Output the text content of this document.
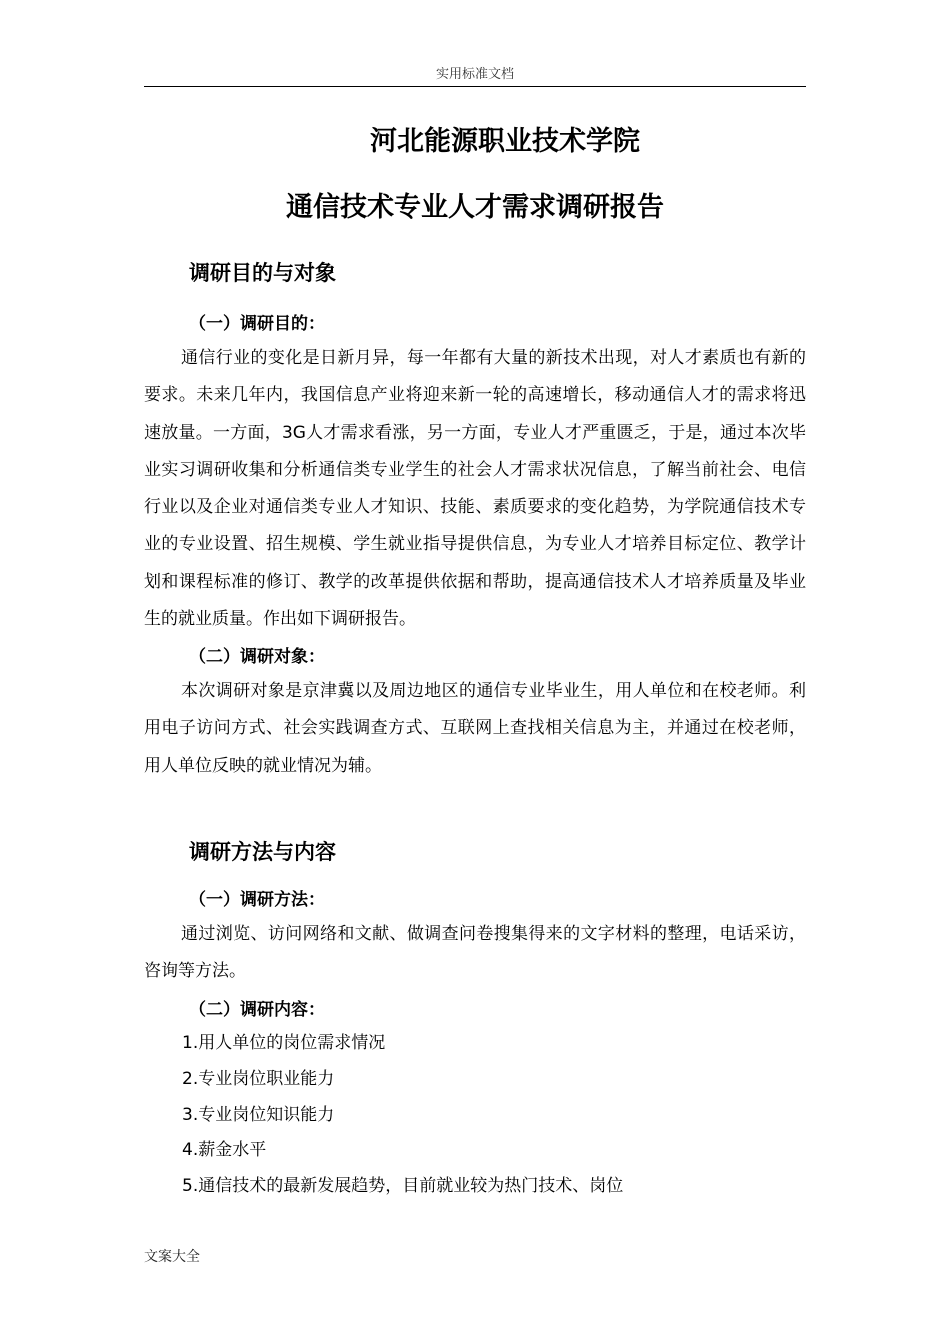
实用标准文档
河北能源职业技术学院
通信技术专业人才需求调研报告
调研目的与对象
（一）调研目的：

通信行业的变化是日新月异，每一年都有大量的新技术出现，对人才素质也有新的要求。未来几年内，我国信息产业将迎来新一轮的高速增长，移动通信人才的需求将迅速放量。一方面，3G人才需求看涨，另一方面，专业人才严重匮乏，于是，通过本次毕业实习调研收集和分析通信类专业学生的社会人才需求状况信息，了解当前社会、电信行业以及企业对通信类专业人才知识、技能、素质要求的变化趋势，为学院通信技术专业的专业设置、招生规模、学生就业指导提供信息，为专业人才培养目标定位、教学计划和课程标准的修订、教学的改革提供依据和帮助，提高通信技术人才培养质量及毕业生的就业质量。作出如下调研报告。

（二）调研对象：

本次调研对象是京津冀以及周边地区的通信专业毕业生，用人单位和在校老师。利用电子访问方式、社会实践调查方式、互联网上查找相关信息为主，并通过在校老师，用人单位反映的就业情况为辅。

调研方法与内容
（一）调研方法：

通过浏览、访问网络和文献、做调查问卷搜集得来的文字材料的整理，电话采访，咨询等方法。

（二）调研内容：
1.用人单位的岗位需求情况
2.专业岗位职业能力
3.专业岗位知识能力
4.薪金水平
5.通信技术的最新发展趋势，目前就业较为热门技术、岗位
文案大全
